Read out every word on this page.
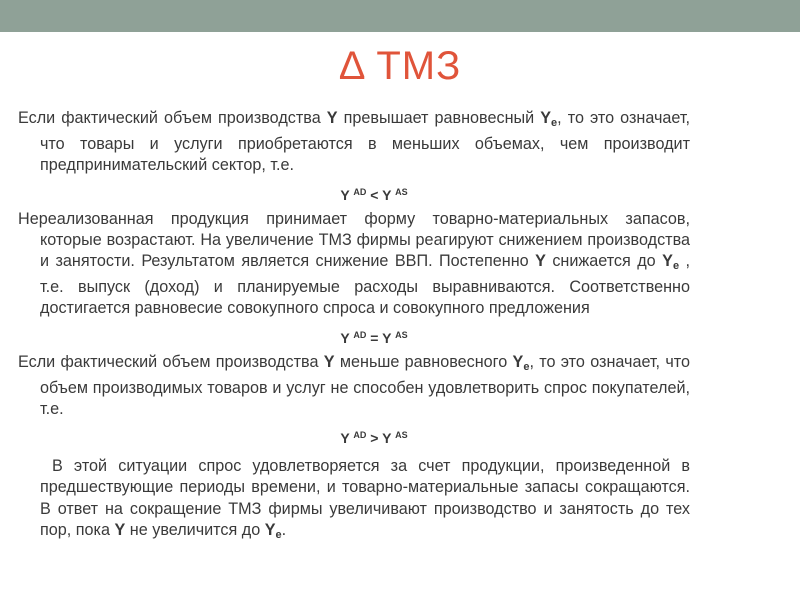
Δ ТМЗ

Если фактический объем производства Y превышает равновесный $Y_e$, то это означает, что товары и услуги приобретаются в меньших объемах, чем производит предпринимательский сектор, т.е.

Y $^{AD}$ < Y $^{AS}$

Нереализованная продукция принимает форму товарно-материальных запасов, которые возрастают. На увеличение ТМЗ фирмы реагируют снижением производства и занятости. Результатом является снижение ВВП. Постепенно Y снижается до $Y_e$ , т.е. выпуск (доход) и планируемые расходы выравниваются. Соответственно достигается равновесие совокупного спроса и совокупного предложения

Y $^{AD}$ = Y $^{AS}$

Если фактический объем производства Y меньше равновесного $Y_e$, то это означает, что объем производимых товаров и услуг не способен удовлетворить спрос покупателей, т.е.

Y $^{AD}$ > Y $^{AS}$

В этой ситуации спрос удовлетворяется за счет продукции, произведенной в предшествующие периоды времени, и товарно-материальные запасы сокращаются. В ответ на сокращение ТМЗ фирмы увеличивают производство и занятость до тех пор, пока Y не увеличится до $Y_e$.
